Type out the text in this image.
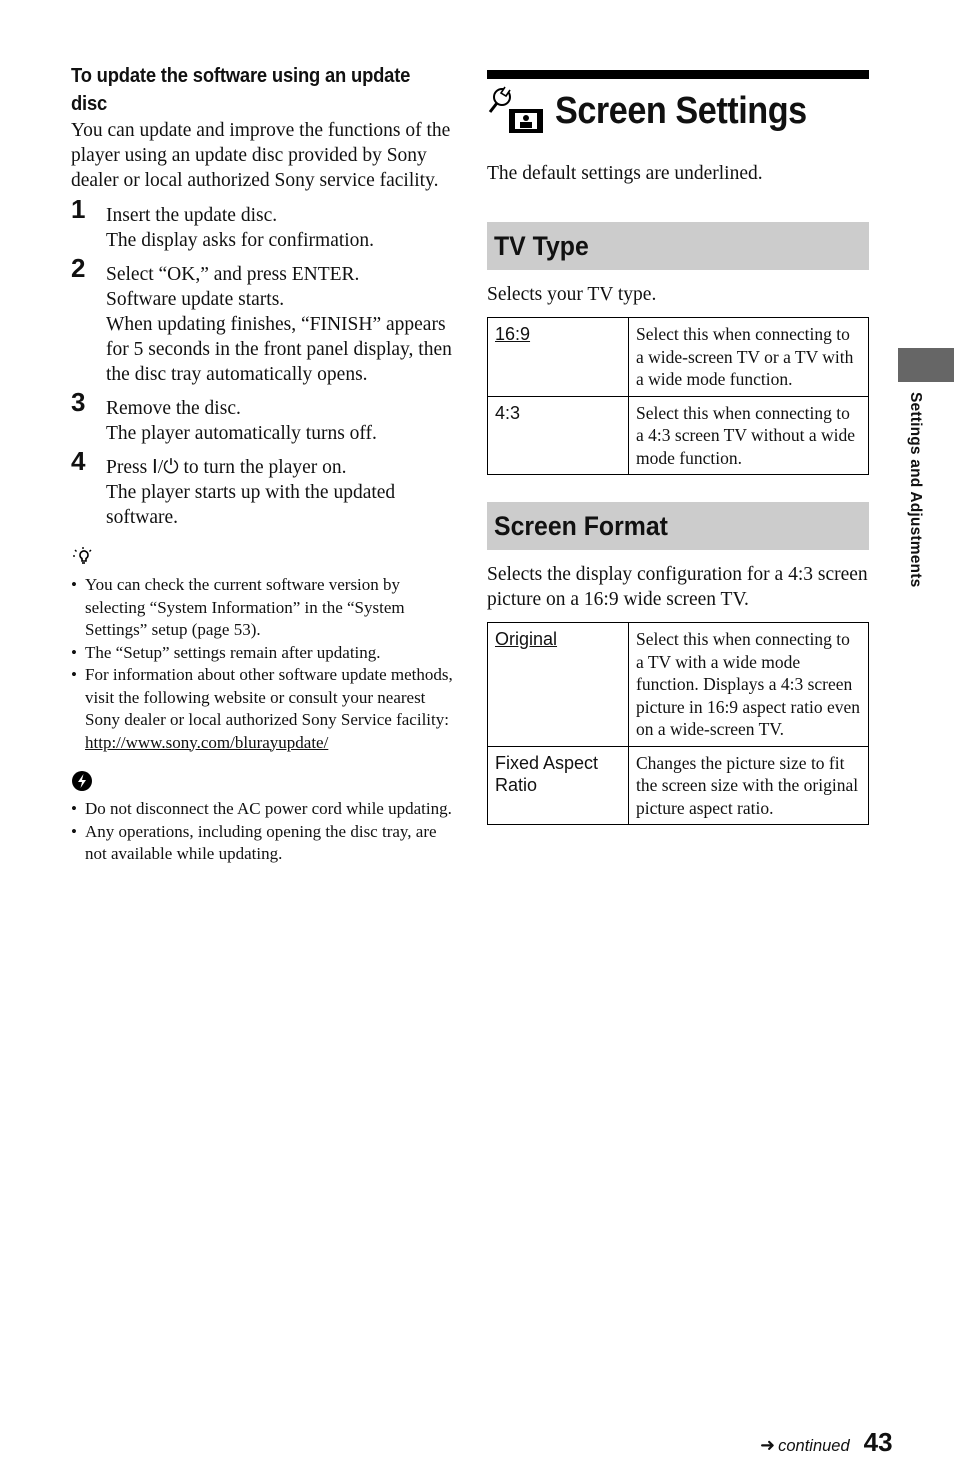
To update the software using an update disc

You can update and improve the functions of the player using an update disc provided by Sony dealer or local authorized Sony service facility.

1 Insert the update disc.

The display asks for confirmation.

2 Select “OK,” and press ENTER.

Software update starts.

When updating finishes, “FINISH” appears for 5 seconds in the front panel display, then the disc tray automatically opens.

3 Remove the disc.

The player automatically turns off.

4 Press Ⅰ/⏻ to turn the player on.

The player starts up with the updated software.

• You can check the current software version by selecting “System Information” in the “System Settings” setup (page 53).
• The “Setup” settings remain after updating.
• For information about other software update methods, visit the following website or consult your nearest Sony dealer or local authorized Sony Service facility:
http://www.sony.com/blurayupdate/
• Do not disconnect the AC power cord while updating.
• Any operations, including opening the disc tray, are not available while updating.
Screen Settings

The default settings are underlined.

TV Type

Selects your TV type.

16:9	Select this when connecting to a wide-screen TV or a TV with a wide mode function.
4:3	Select this when connecting to a 4:3 screen TV without a wide mode function.
Screen Format

Selects the display configuration for a 4:3 screen picture on a 16:9 wide screen TV.

Original	Select this when connecting to a TV with a wide mode function. Displays a 4:3 screen picture in 16:9 aspect ratio even on a wide-screen TV.
Fixed Aspect Ratio	Changes the picture size to fit the screen size with the original picture aspect ratio.
Settings and Adjustments
➜ continued 43
